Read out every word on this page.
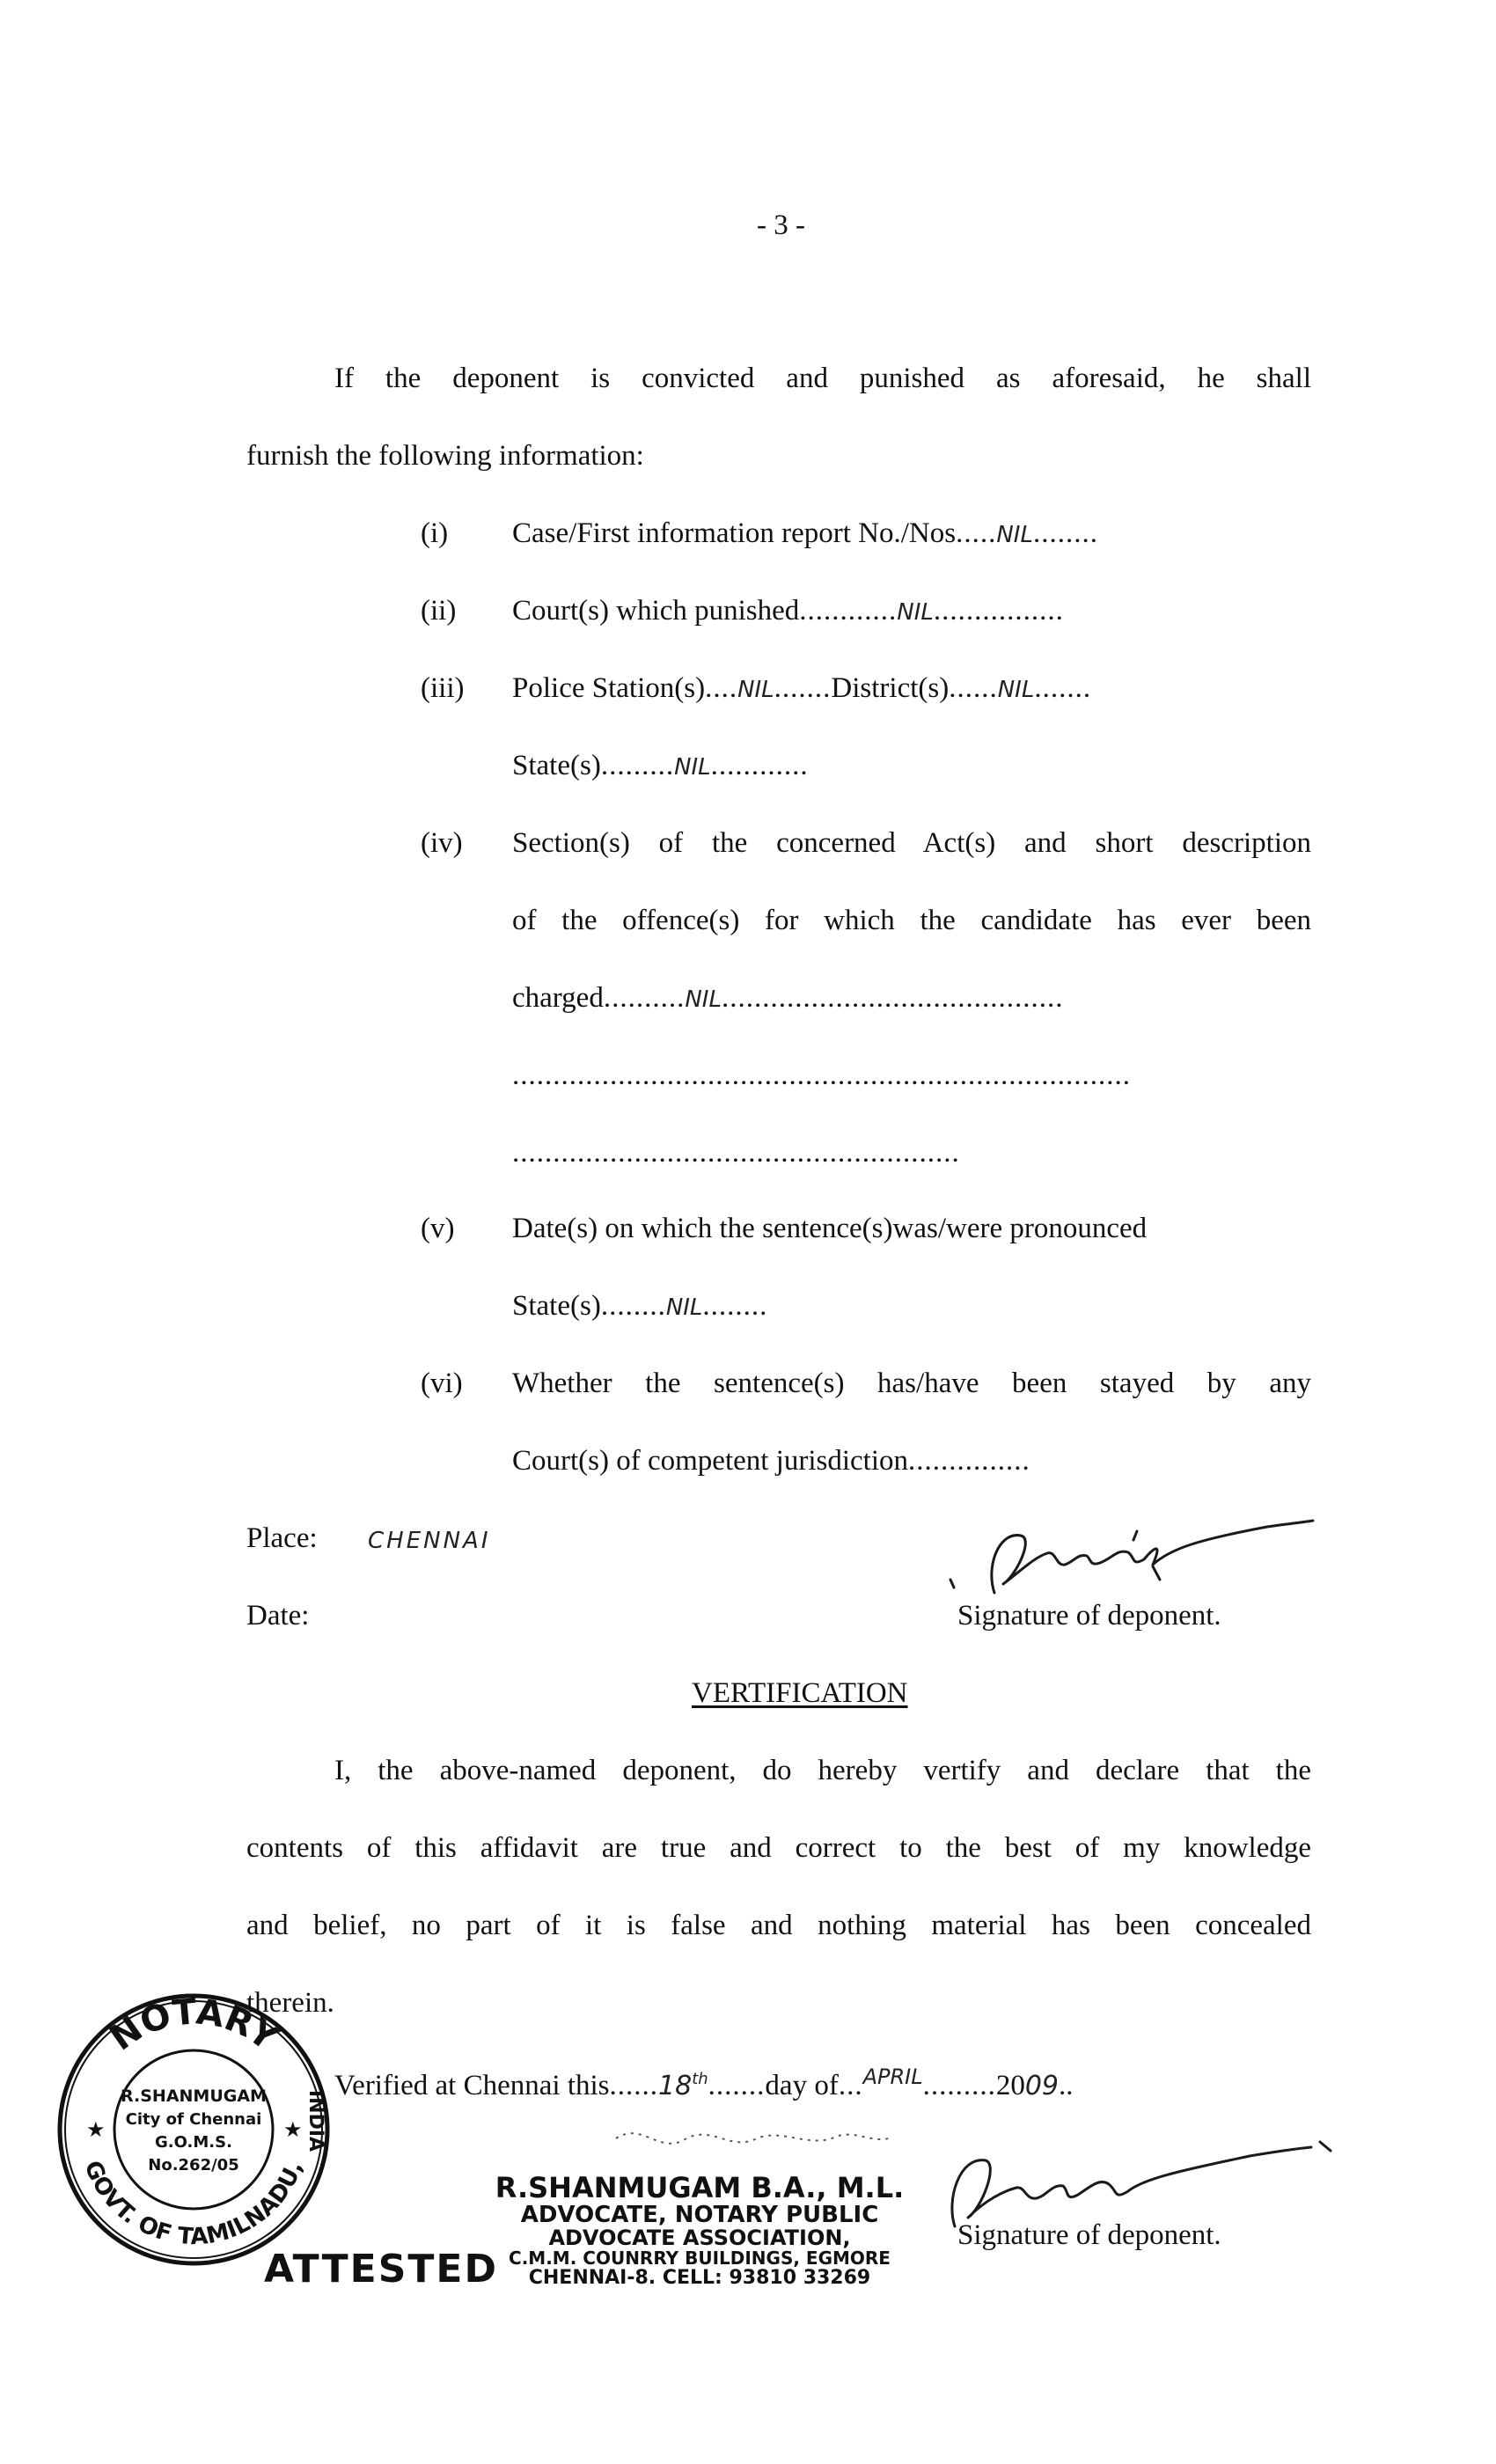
- 3 -
If the deponent is convicted and punished as aforesaid, he shall
furnish the following information:
(i)	Case/First information report No./Nos.....NIL........
(ii)	Court(s) which punished............NIL................
(iii)	Police Station(s)....NIL.......District(s)......NIL.......
State(s).........NIL............
(iv)	Section(s) of the concerned Act(s) and short description
of the offence(s) for which the candidate has ever been
charged..........NIL..........................................
............................................................................
.......................................................
(v)	Date(s) on which the sentence(s)was/were pronounced
State(s)........NIL........
(vi)	Whether the sentence(s) has/have been stayed by any
Court(s) of competent jurisdiction...............
Place: CHENNAI
Date:	Signature of deponent.
VERTIFICATION
I, the above-named deponent, do hereby vertify and declare that the
contents of this affidavit are true and correct to the best of my knowledge
and belief, no part of it is false and nothing material has been concealed
therein.
Verified at Chennai this......18th.......day of...$^{APRIL}$.........2009..
NOTARY
GOVT. OF TAMILNADU,
INDIA
★	★
R.SHANMUGAM
City of Chennai
G.O.M.S.
No.262/05
ATTESTED
R.SHANMUGAM B.A., M.L.
ADVOCATE, NOTARY PUBLIC
ADVOCATE ASSOCIATION,
C.M.M. COUNRRY BUILDINGS, EGMORE
CHENNAI-8. CELL: 93810 33269
Signature of deponent.
